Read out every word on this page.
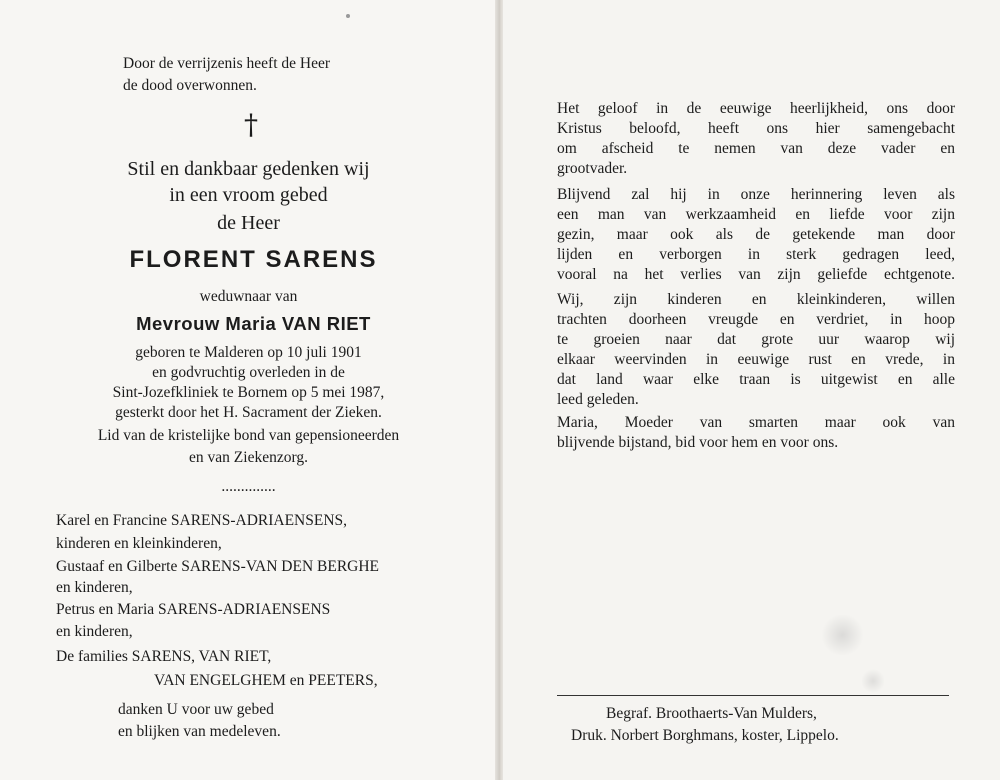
Door de verrijzenis heeft de Heer
de dood overwonnen.
†
Stil en dankbaar gedenken wij
in een vroom gebed
de Heer
FLORENT SARENS
weduwnaar van
Mevrouw Maria VAN RIET
geboren te Malderen op 10 juli 1901
en godvruchtig overleden in de
Sint-Jozefkliniek te Bornem op 5 mei 1987,
gesterkt door het H. Sacrament der Zieken.
Lid van de kristelijke bond van gepensioneerden
en van Ziekenzorg.
..............
Karel en Francine SARENS-ADRIAENSENS,
kinderen en kleinkinderen,
Gustaaf en Gilberte SARENS-VAN DEN BERGHE
en kinderen,
Petrus en Maria SARENS-ADRIAENSENS
en kinderen,
De families SARENS, VAN RIET,
VAN ENGELGHEM en PEETERS,
danken U voor uw gebed
en blijken van medeleven.
Het geloof in de eeuwige heerlijkheid, ons door
Kristus beloofd, heeft ons hier samengebacht
om afscheid te nemen van deze vader en
grootvader.
Blijvend zal hij in onze herinnering leven als
een man van werkzaamheid en liefde voor zijn
gezin, maar ook als de getekende man door
lijden en verborgen in sterk gedragen leed,
vooral na het verlies van zijn geliefde echtgenote.
Wij, zijn kinderen en kleinkinderen, willen
trachten doorheen vreugde en verdriet, in hoop
te groeien naar dat grote uur waarop wij
elkaar weervinden in eeuwige rust en vrede, in
dat land waar elke traan is uitgewist en alle
leed geleden.
Maria, Moeder van smarten maar ook van
blijvende bijstand, bid voor hem en voor ons.
Begraf. Broothaerts-Van Mulders,
Druk. Norbert Borghmans, koster, Lippelo.
